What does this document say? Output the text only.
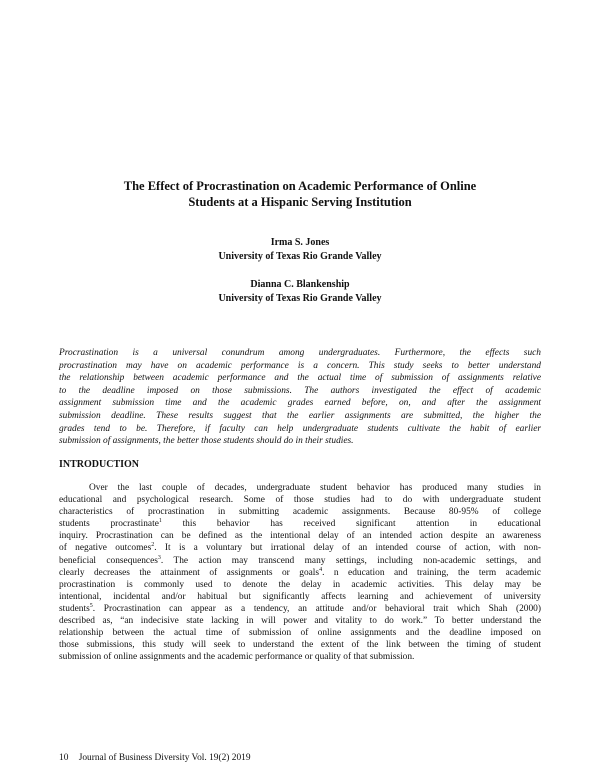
The Effect of Procrastination on Academic Performance of Online
Students at a Hispanic Serving Institution
Irma S. Jones
University of Texas Rio Grande Valley
Dianna C. Blankenship
University of Texas Rio Grande Valley
Procrastination is a universal conundrum among undergraduates. Furthermore, the effects such
procrastination may have on academic performance is a concern. This study seeks to better understand
the relationship between academic performance and the actual time of submission of assignments relative
to the deadline imposed on those submissions. The authors investigated the effect of academic
assignment submission time and the academic grades earned before, on, and after the assignment
submission deadline. These results suggest that the earlier assignments are submitted, the higher the
grades tend to be. Therefore, if faculty can help undergraduate students cultivate the habit of earlier
submission of assignments, the better those students should do in their studies.
INTRODUCTION
Over the last couple of decades, undergraduate student behavior has produced many studies in
educational and psychological research. Some of those studies had to do with undergraduate student
characteristics of procrastination in submitting academic assignments. Because 80-95% of college
students procrastinate$^1$ this behavior has received significant attention in educational
inquiry. Procrastination can be defined as the intentional delay of an intended action despite an awareness
of negative outcomes$^2$. It is a voluntary but irrational delay of an intended course of action, with non-
beneficial consequences$^3$. The action may transcend many settings, including non-academic settings, and
clearly decreases the attainment of assignments or goals$^4$. n education and training, the term academic
procrastination is commonly used to denote the delay in academic activities. This delay may be
intentional, incidental and/or habitual but significantly affects learning and achievement of university
students$^5$. Procrastination can appear as a tendency, an attitude and/or behavioral trait which Shah (2000)
described as, “an indecisive state lacking in will power and vitality to do work.” To better understand the
relationship between the actual time of submission of online assignments and the deadline imposed on
those submissions, this study will seek to understand the extent of the link between the timing of student
submission of online assignments and the academic performance or quality of that submission.
10 Journal of Business Diversity Vol. 19(2) 2019
